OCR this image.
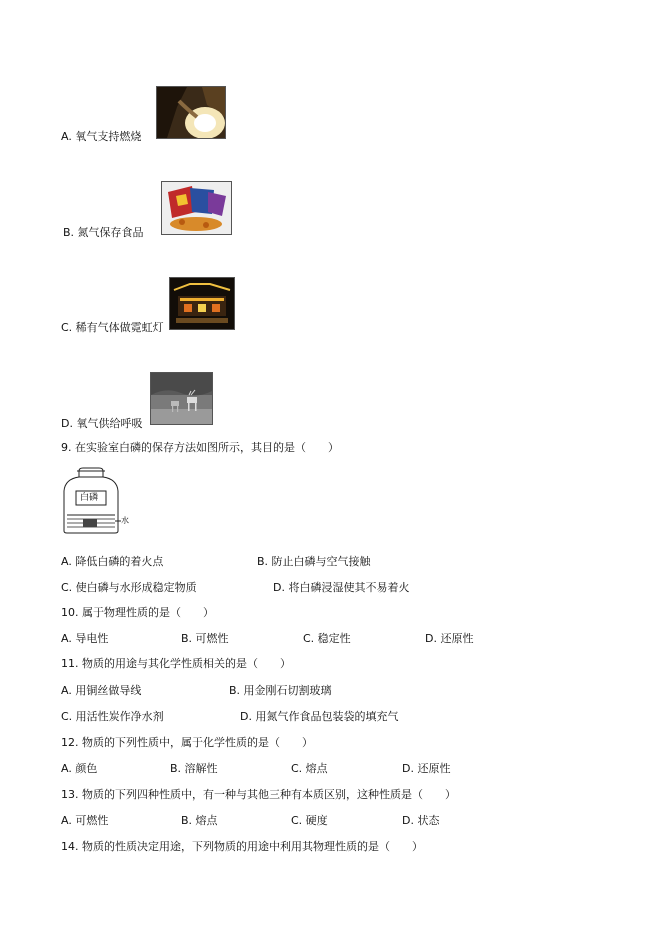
A. 氧气支持燃烧
B. 氮气保存食品
C. 稀有气体做霓虹灯
D. 氧气供给呼吸
9. 在实验室白磷的保存方法如图所示，其目的是（　　）
白磷
水
A. 降低白磷的着火点	B. 防止白磷与空气接触
C. 使白磷与水形成稳定物质	D. 将白磷浸湿使其不易着火
10. 属于物理性质的是（　　）
A. 导电性	B. 可燃性	C. 稳定性	D. 还原性
11. 物质的用途与其化学性质相关的是（　　）
A. 用铜丝做导线	B. 用金刚石切割玻璃
C. 用活性炭作净水剂	D. 用氮气作食品包装袋的填充气
12. 物质的下列性质中，属于化学性质的是（　　）
A. 颜色	B. 溶解性	C. 熔点	D. 还原性
13. 物质的下列四种性质中，有一种与其他三种有本质区别，这种性质是（　　）
A. 可燃性	B. 熔点	C. 硬度	D. 状态
14. 物质的性质决定用途，下列物质的用途中利用其物理性质的是（　　）
